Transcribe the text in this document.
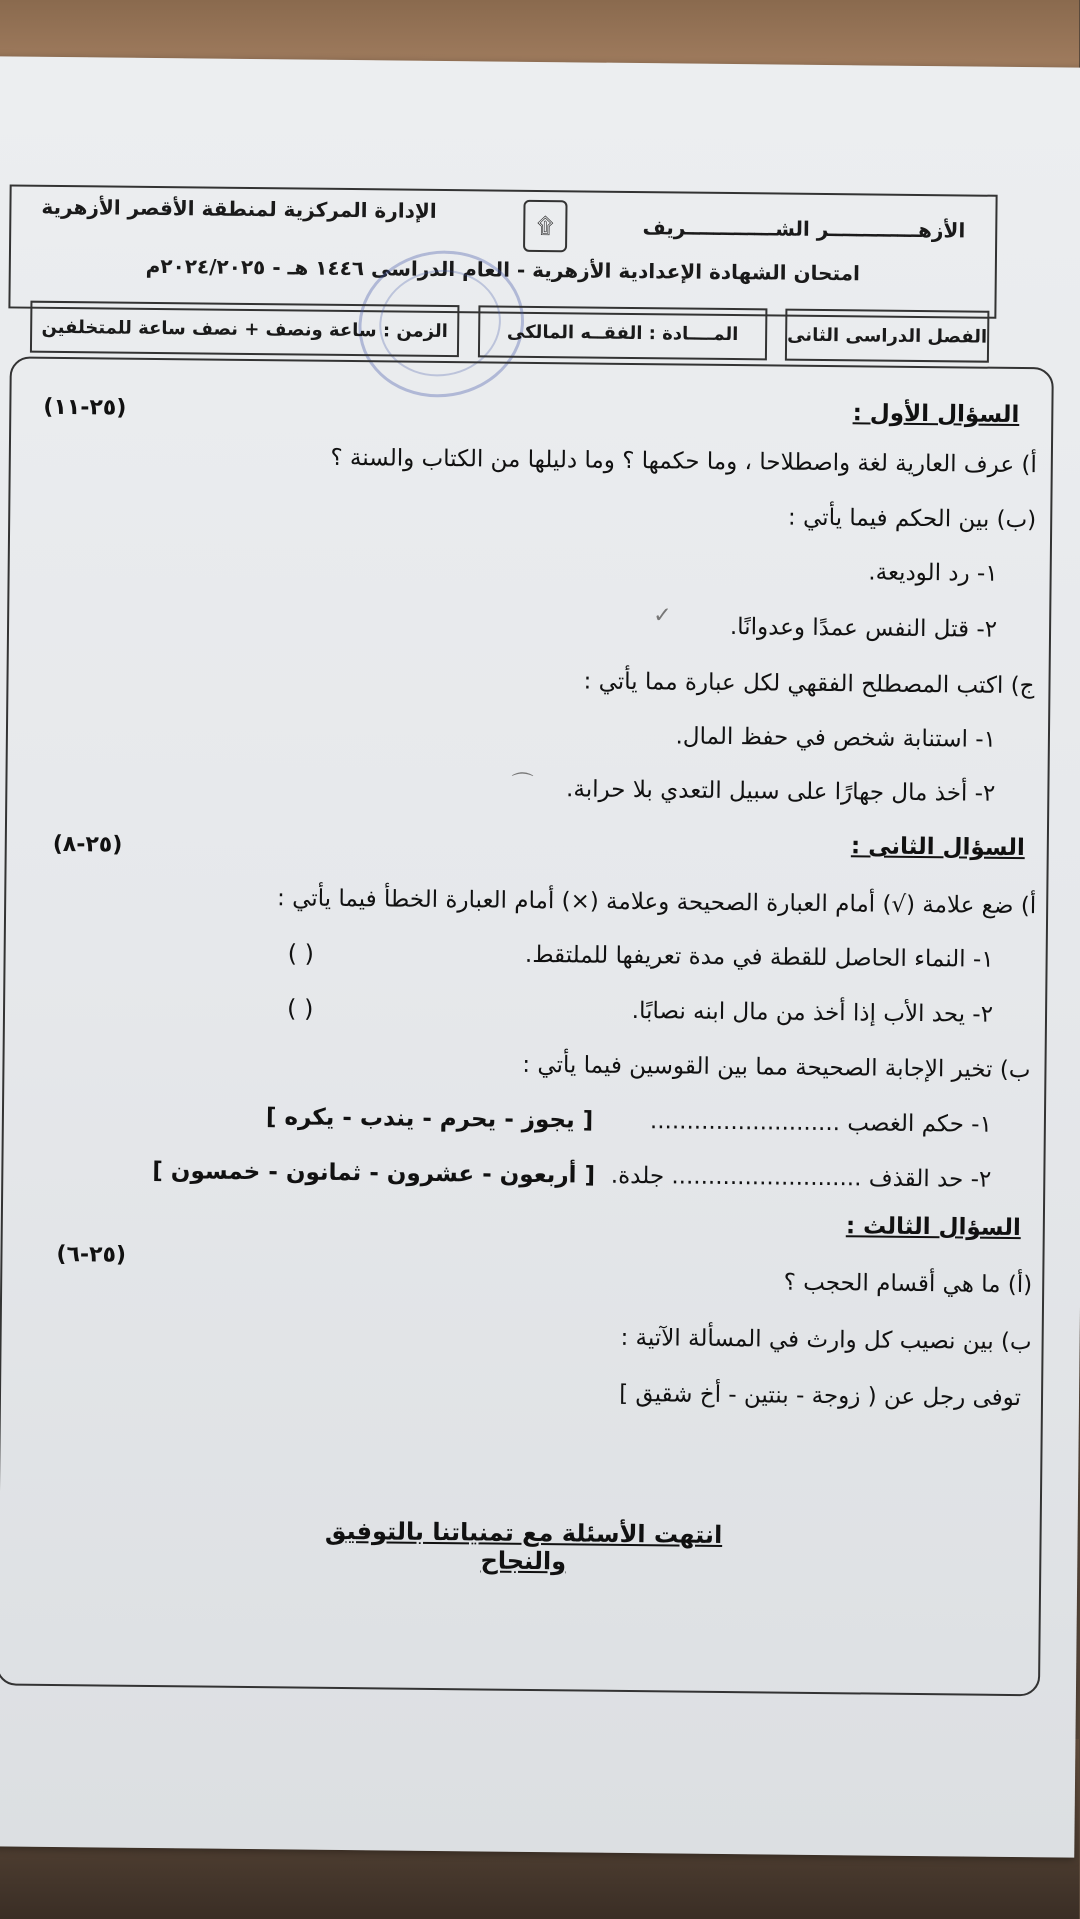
الإدارة المركزية لمنطقة الأقصر الأزهرية
۩	الأزهـــــــــــــر الشـــــــــــــريف
امتحان الشهادة الإعدادية الأزهرية - العام الدراسى ١٤٤٦ هـ - ٢٠٢٤/٢٠٢٥م
الفصل الدراسى الثانى
المــــادة : الفقــه المالكى
الزمن : ساعة ونصف + نصف ساعة للمتخلفين
السؤال الأول :
(٢٥-١١)
أ) عرف العارية لغة واصطلاحا ، وما حكمها ؟ وما دليلها من الكتاب والسنة ؟
(ب) بين الحكم فيما يأتي :
١- رد الوديعة.
٢- قتل النفس عمدًا وعدوانًا.
ج) اكتب المصطلح الفقهي لكل عبارة مما يأتي :
١- استنابة شخص في حفظ المال.
٢- أخذ مال جهارًا على سبيل التعدي بلا حرابة.
السؤال الثانى :
(٢٥-٨)
أ) ضع علامة (√) أمام العبارة الصحيحة وعلامة (×) أمام العبارة الخطأ فيما يأتي :
١- النماء الحاصل للقطة في مدة تعريفها للملتقط.
( )
٢- يحد الأب إذا أخذ من مال ابنه نصابًا.
( )
ب) تخير الإجابة الصحيحة مما بين القوسين فيما يأتي :
١- حكم الغصب ..........................
[ يجوز - يحرم - يندب - يكره ]
٢- حد القذف .......................... جلدة.
[ أربعون - عشرون - ثمانون - خمسون ]
السؤال الثالث :
(٢٥-٦)
(أ) ما هي أقسام الحجب ؟
ب) بين نصيب كل وارث في المسألة الآتية :
توفى رجل عن ( زوجة - بنتين - أخ شقيق ]
انتهت الأسئلة مع تمنياتنا بالتوفيق والنجاح
✓
⌒
